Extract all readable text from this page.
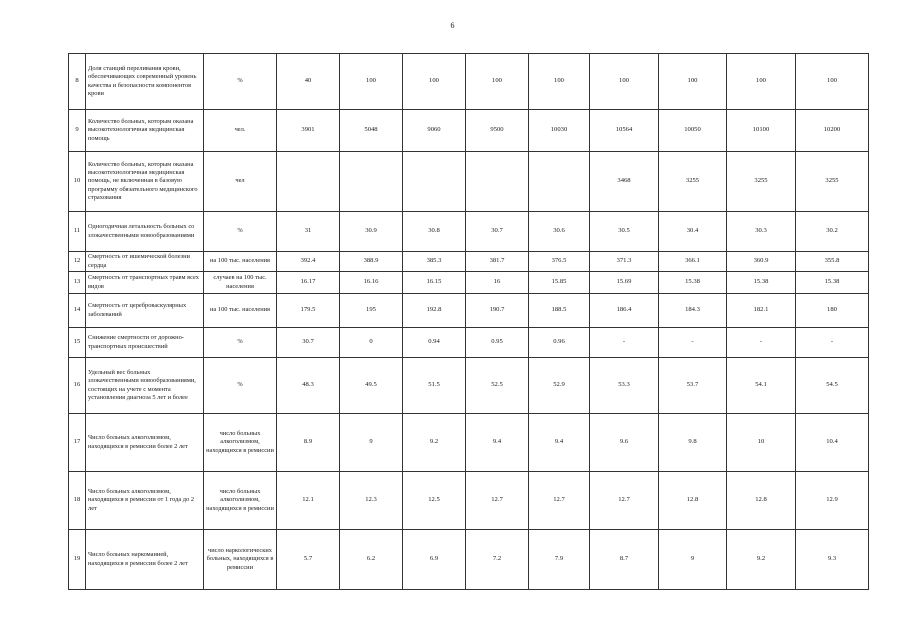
6
8	Доля станций переливания крови, обеспечивающих современный уровень качества и безопасности компонентов крови	%	40	100	100	100	100	100	100	100	100
9	Количество больных, которым оказана высокотехнологичная медицинская помощь	чел.	3901	5048	9060	9500	10030	10564	10050	10100	10200
10	Количество больных, которым оказана высокотехнологичная медицинская помощь, не включенная в базовую программу обязательного медицинского страхования	чел						3468	3255	3255	3255
11	Одногодичная летальность больных со злокачественными новообразованиями	%	31	30.9	30.8	30.7	30.6	30.5	30.4	30.3	30.2
12	Смертность от ишемической болезни сердца	на 100 тыс. населения	392.4	388.9	385.3	381.7	376.5	371.3	366.1	360.9	355.8
13	Смертность от транспортных травм всех видов	случаев на 100 тыс. населения	16.17	16.16	16.15	16	15.85	15.69	15.38	15.38	15.38
14	Смертность от цереброваскулярных заболеваний	на 100 тыс. населения	179.5	195	192.8	190.7	188.5	186.4	184.3	182.1	180
15	Снижение смертности от дорожно-транспортных происшествий	%	30.7	0	0.94	0.95	0.96	-	-	-	-
16	Удельный вес больных злокачественными новообразованиями, состоящих на учете с момента установления диагноза 5 лет и более	%	48.3	49.5	51.5	52.5	52.9	53.3	53.7	54.1	54.5
17	Число больных алкоголизмом, находящихся в ремиссии более 2 лет	число больных алкоголизмом, находящихся в ремиссии	8.9	9	9.2	9.4	9.4	9.6	9.8	10	10.4
18	Число больных алкоголизмом, находящихся в ремиссии от 1 года до 2 лет	число больных алкоголизмом, находящихся в ремиссии	12.1	12.3	12.5	12.7	12.7	12.7	12.8	12.8	12.9
19	Число больных наркоманией, находящихся в ремиссии более 2 лет	число наркологических больных, находящихся в ремиссии	5.7	6.2	6.9	7.2	7.9	8.7	9	9.2	9.3
